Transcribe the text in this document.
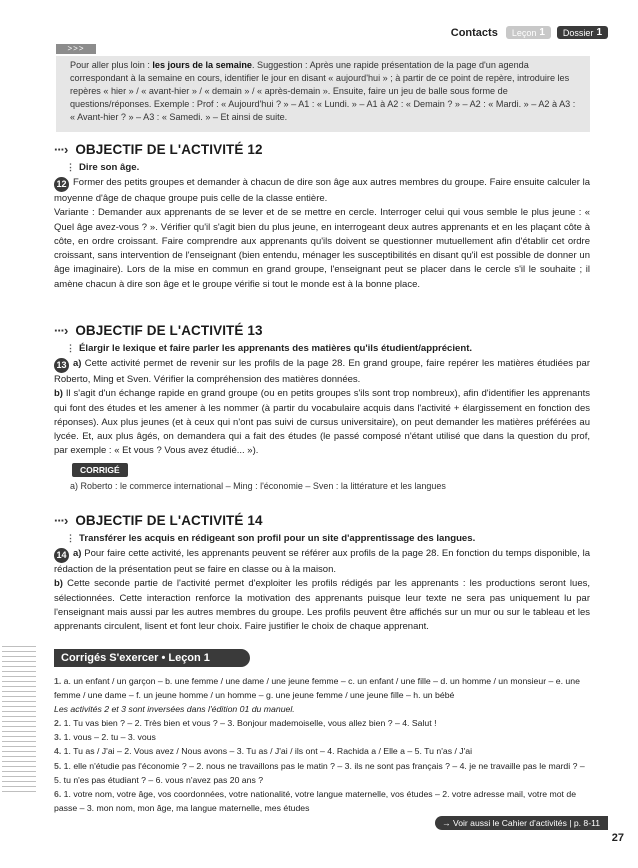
Contacts Leçon 1 Dossier 1
>>>
Pour aller plus loin : les jours de la semaine. Suggestion : Après une rapide présentation de la page d'un agenda correspondant à la semaine en cours, identifier le jour en disant « aujourd'hui » ; à partir de ce point de repère, introduire les repères « hier » / « avant-hier » / « demain » / « après-demain ». Ensuite, faire un jeu de balle sous forme de questions/réponses. Exemple : Prof : « Aujourd'hui ? » – A1 : « Lundi. » – A1 à A2 : « Demain ? » – A2 : « Mardi. » – A2 à A3 : « Avant-hier ? » – A3 : « Samedi. » – Et ainsi de suite.
···› OBJECTIF DE L'ACTIVITÉ 12
⋮ Dire son âge.

12 Former des petits groupes et demander à chacun de dire son âge aux autres membres du groupe. Faire ensuite calculer la moyenne d'âge de chaque groupe puis celle de la classe entière.

Variante : Demander aux apprenants de se lever et de se mettre en cercle. Interroger celui qui vous semble le plus jeune : « Quel âge avez-vous ? ». Vérifier qu'il s'agit bien du plus jeune, en interrogeant deux autres apprenants et en les plaçant côte à côte, en ordre croissant. Faire comprendre aux apprenants qu'ils doivent se questionner mutuellement afin d'établir cet ordre croissant, sans intervention de l'enseignant (bien entendu, ménager les susceptibilités en disant qu'il est possible de donner un âge imaginaire). Lors de la mise en commun en grand groupe, l'enseignant peut se placer dans le cercle s'il le souhaite ; il amène chacun à dire son âge et le groupe vérifie si tout le monde est à la bonne place.

···› OBJECTIF DE L'ACTIVITÉ 13
⋮ Élargir le lexique et faire parler les apprenants des matières qu'ils étudient/apprécient.

13 a) Cette activité permet de revenir sur les profils de la page 28. En grand groupe, faire repérer les matières étudiées par Roberto, Ming et Sven. Vérifier la compréhension des matières données.

b) Il s'agit d'un échange rapide en grand groupe (ou en petits groupes s'ils sont trop nombreux), afin d'identifier les apprenants qui font des études et les amener à les nommer (à partir du vocabulaire acquis dans l'activité + élargissement en fonction des réponses). Aux plus jeunes (et à ceux qui n'ont pas suivi de cursus universitaire), on peut demander les matières préférées au lycée. Et, aux plus âgés, on demandera qui a fait des études (le passé composé n'étant utilisé que dans la question du prof, par exemple : « Et vous ? Vous avez étudié... »).

CORRIGÉ
a) Roberto : le commerce international – Ming : l'économie – Sven : la littérature et les langues
···› OBJECTIF DE L'ACTIVITÉ 14
⋮ Transférer les acquis en rédigeant son profil pour un site d'apprentissage des langues.

14 a) Pour faire cette activité, les apprenants peuvent se référer aux profils de la page 28. En fonction du temps disponible, la rédaction de la présentation peut se faire en classe ou à la maison.

b) Cette seconde partie de l'activité permet d'exploiter les profils rédigés par les apprenants : les productions seront lues, sélectionnées. Cette interaction renforce la motivation des apprenants puisque leur texte ne sera pas uniquement lu par l'enseignant mais aussi par les autres membres du groupe. Les profils peuvent être affichés sur un mur ou sur le tableau et les apprenants circulent, lisent et font leur choix. Faire justifier le choix de chaque apprenant.

Corrigés S'exercer • Leçon 1
1. a. un enfant / un garçon – b. une femme / une dame / une jeune femme – c. un enfant / une fille – d. un homme / un monsieur – e. une femme / une dame – f. un jeune homme / un homme – g. une jeune femme / une jeune fille – h. un bébé
Les activités 2 et 3 sont inversées dans l'édition 01 du manuel.
2. 1. Tu vas bien ? – 2. Très bien et vous ? – 3. Bonjour mademoiselle, vous allez bien ? – 4. Salut !
3. 1. vous – 2. tu – 3. vous
4. 1. Tu as / J'ai – 2. Vous avez / Nous avons – 3. Tu as / J'ai / ils ont – 4. Rachida a / Elle a – 5. Tu n'as / J'ai
5. 1. elle n'étudie pas l'économie ? – 2. nous ne travaillons pas le matin ? – 3. ils ne sont pas français ? – 4. je ne travaille pas le mardi ? – 5. tu n'es pas étudiant ? – 6. vous n'avez pas 20 ans ?
6. 1. votre nom, votre âge, vos coordonnées, votre nationalité, votre langue maternelle, vos études – 2. votre adresse mail, votre mot de passe – 3. mon nom, mon âge, ma langue maternelle, mes études
→ Voir aussi le Cahier d'activités | p. 8-11
27
